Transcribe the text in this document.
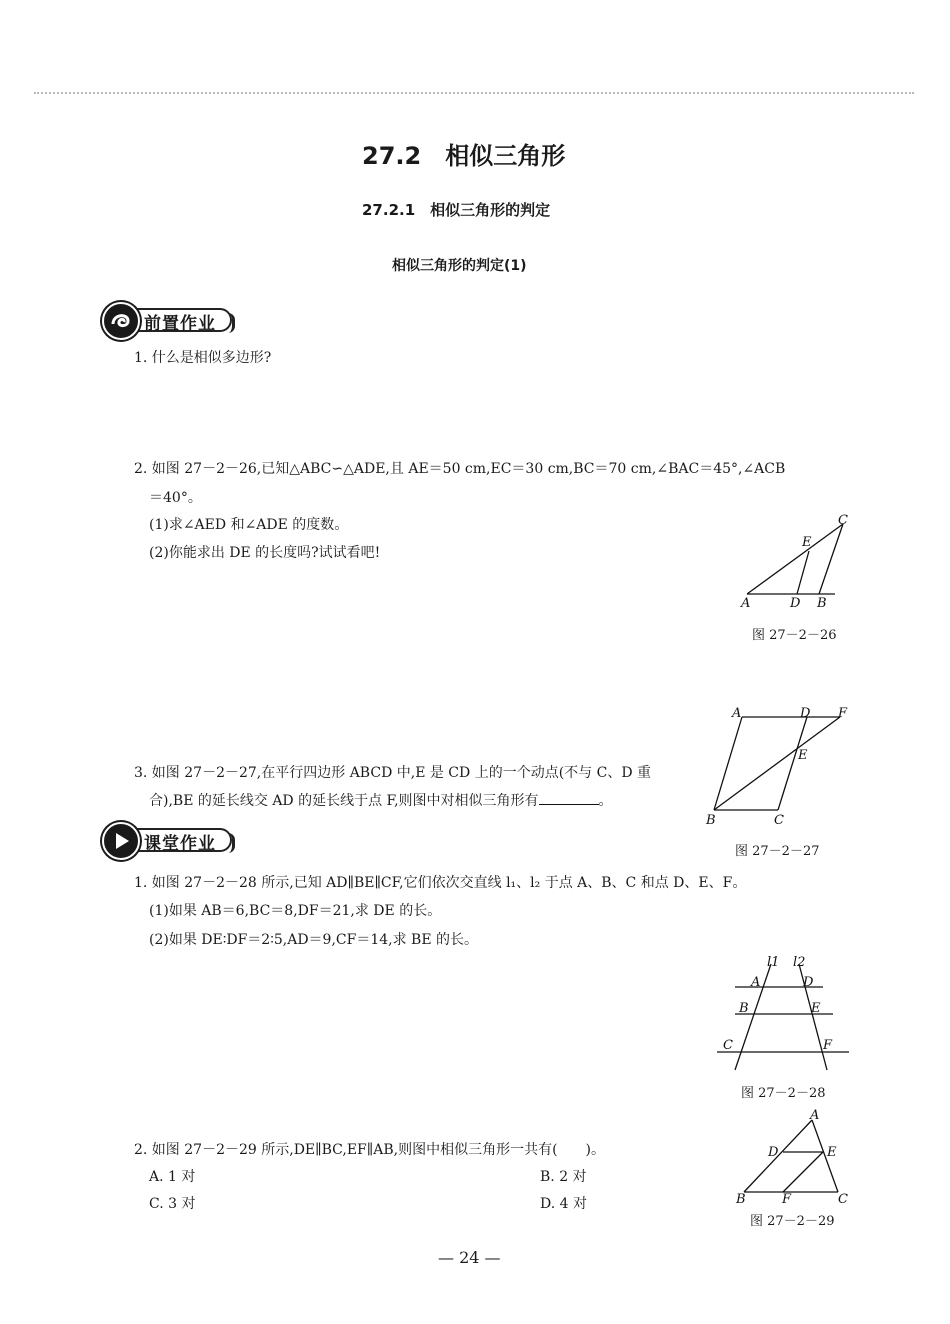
27.2　相似三角形
27.2.1　相似三角形的判定
相似三角形的判定(1)
前置作业
1. 什么是相似多边形?
2. 如图 27－2－26,已知△ABC∽△ADE,且 AE＝50 cm,EC＝30 cm,BC＝70 cm,∠BAC＝45°,∠ACB
＝40°。
(1)求∠AED 和∠ADE 的度数。
(2)你能求出 DE 的长度吗?试试看吧!
A	D B
E
C
图 27－2－26
A	D F
E
B	C
图 27－2－27
3. 如图 27－2－27,在平行四边形 ABCD 中,E 是 CD 上的一个动点(不与 C、D 重
合),BE 的延长线交 AD 的延长线于点 F,则图中对相似三角形有	。
课堂作业
1. 如图 27－2－28 所示,已知 AD∥BE∥CF,它们依次交直线 l₁、l₂ 于点 A、B、C 和点 D、E、F。
(1)如果 AB＝6,BC＝8,DF＝21,求 DE 的长。
(2)如果 DE∶DF＝2∶5,AD＝9,CF＝14,求 BE 的长。
l1 l2
A	D
B	E
C	F
图 27－2－28
2. 如图 27－2－29 所示,DE∥BC,EF∥AB,则图中相似三角形一共有(　　)。
A. 1 对	B. 2 对
C. 3 对	D. 4 对
A
D	E
B	F	C
图 27－2－29
— 24 —
